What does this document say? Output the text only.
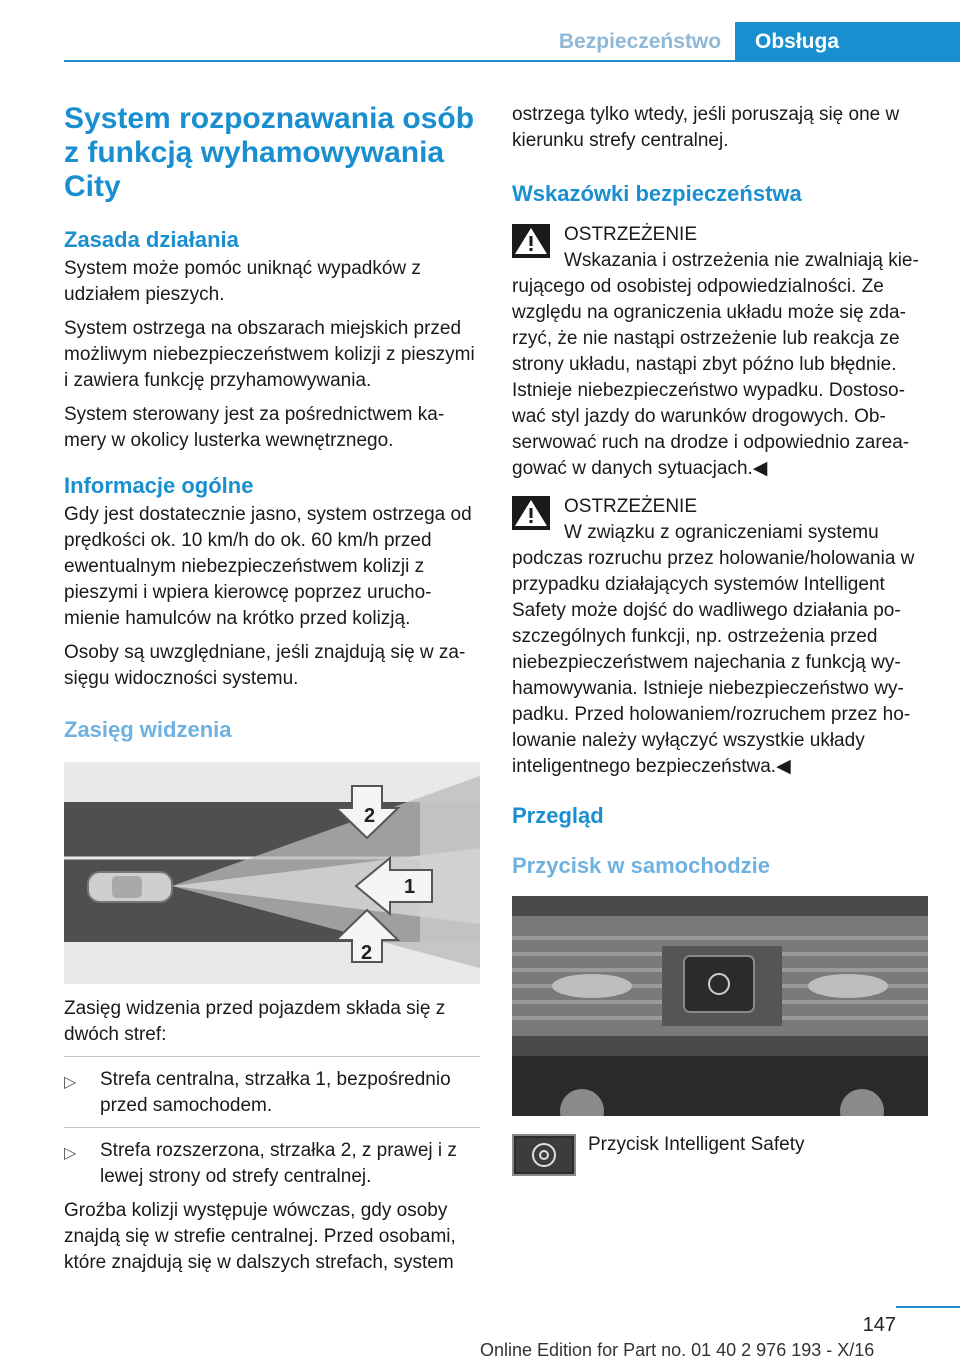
Bezpieczeństwo	Obsługa
System rozpoznawania osób z funkcją wyhamowywania City
Zasada działania

System może pomóc uniknąć wypadków z udziałem pieszych.

System ostrzega na obszarach miejskich przed możliwym niebezpieczeństwem kolizji z pieszymi i zawiera funkcję przyhamowywania.

System sterowany jest za pośrednictwem kamery w okolicy lusterka wewnętrznego.

Informacje ogólne

Gdy jest dostatecznie jasno, system ostrzega od prędkości ok. 10 km/h do ok. 60 km/h przed ewentualnym niebezpieczeństwem kolizji z pieszymi i wpiera kierowcę poprzez uruchomienie hamulców na krótko przed kolizją.

Osoby są uwzględniane, jeśli znajdują się w zasięgu widoczności systemu.

Zasięg widzenia
2
1
2

Zasięg widzenia przed pojazdem składa się z dwóch stref:

▷ Strefa centralna, strzałka 1, bezpośrednio przed samochodem.
▷ Strefa rozszerzona, strzałka 2, z prawej i z lewej strony od strefy centralnej.

Groźba kolizji występuje wówczas, gdy osoby znajdą się w strefie centralnej. Przed osobami, które znajdują się w dalszych strefach, system

ostrzega tylko wtedy, jeśli poruszają się one w kierunku strefy centralnej.

Wskazówki bezpieczeństwa

OSTRZEŻENIE

Wskazania i ostrzeżenia nie zwalniają kierującego od osobistej odpowiedzialności. Ze względu na ograniczenia układu może się zdarzyć, że nie nastąpi ostrzeżenie lub reakcja ze strony układu, nastąpi zbyt późno lub błędnie. Istnieje niebezpieczeństwo wypadku. Dostosować styl jazdy do warunków drogowych. Obserwować ruch na drodze i odpowiednio zareagować w danych sytuacjach.◀

OSTRZEŻENIE

W związku z ograniczeniami systemu podczas rozruchu przez holowanie/holowania w przypadku działających systemów Intelligent Safety może dojść do wadliwego działania poszczególnych funkcji, np. ostrzeżenia przed niebezpieczeństwem najechania z funkcją wyhamowywania. Istnieje niebezpieczeństwo wypadku. Przed holowaniem/rozruchem przez holowanie należy wyłączyć wszystkie układy inteligentnego bezpieczeństwa.◀

Przegląd
Przycisk w samochodzie

Przycisk Intelligent Safety

147
Online Edition for Part no. 01 40 2 976 193 - X/16
